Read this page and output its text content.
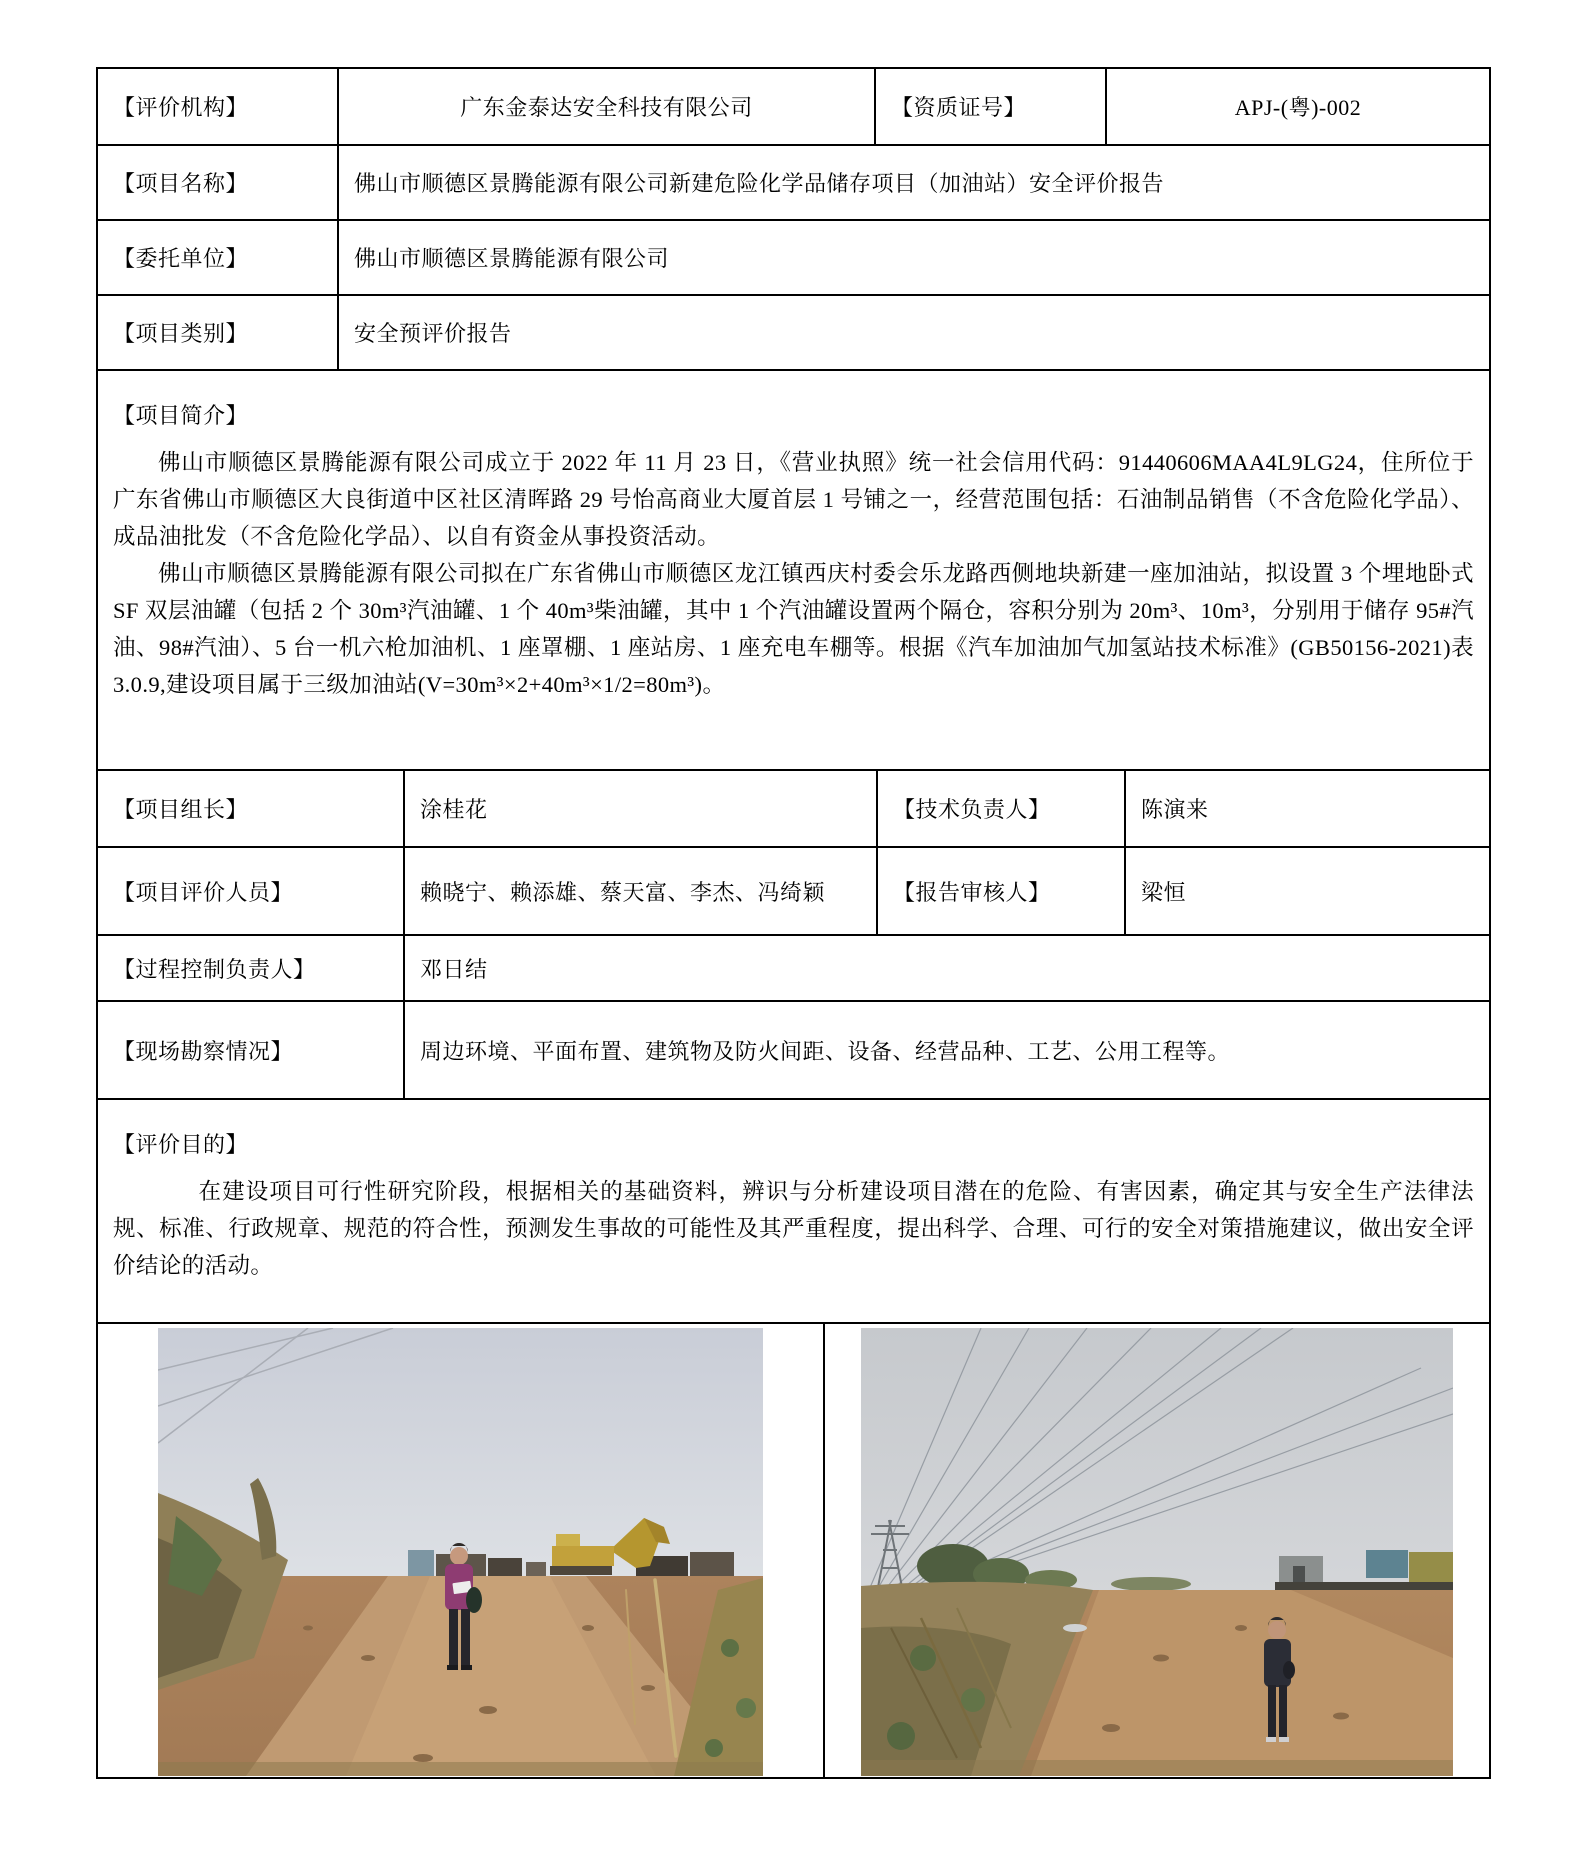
【评价机构】	广东金泰达安全科技有限公司	【资质证号】	APJ-(粤)-002
【项目名称】	佛山市顺德区景腾能源有限公司新建危险化学品储存项目（加油站）安全评价报告
【委托单位】	佛山市顺德区景腾能源有限公司
【项目类别】	安全预评价报告
【项目简介】

佛山市顺德区景腾能源有限公司成立于 2022 年 11 月 23 日，《营业执照》统一社会信用代码：91440606MAA4L9LG24，住所位于广东省佛山市顺德区大良街道中区社区清晖路 29 号怡高商业大厦首层 1 号铺之一，经营范围包括：石油制品销售（不含危险化学品）、成品油批发（不含危险化学品）、以自有资金从事投资活动。

佛山市顺德区景腾能源有限公司拟在广东省佛山市顺德区龙江镇西庆村委会乐龙路西侧地块新建一座加油站，拟设置 3 个埋地卧式 SF 双层油罐（包括 2 个 30m³汽油罐、1 个 40m³柴油罐，其中 1 个汽油罐设置两个隔仓，容积分别为 20m³、10m³，分别用于储存 95#汽油、98#汽油）、5 台一机六枪加油机、1 座罩棚、1 座站房、1 座充电车棚等。根据《汽车加油加气加氢站技术标准》(GB50156-2021)表 3.0.9,建设项目属于三级加油站(V=30m³×2+40m³×1/2=80m³)。

【项目组长】	涂桂花	【技术负责人】	陈演来
【项目评价人员】	赖晓宁、赖添雄、蔡天富、李杰、冯绮颖	【报告审核人】	梁恒
【过程控制负责人】	邓日结
【现场勘察情况】	周边环境、平面布置、建筑物及防火间距、设备、经营品种、工艺、公用工程等。
【评价目的】

在建设项目可行性研究阶段，根据相关的基础资料，辨识与分析建设项目潜在的危险、有害因素，确定其与安全生产法律法规、标准、行政规章、规范的符合性，预测发生事故的可能性及其严重程度，提出科学、合理、可行的安全对策措施建议，做出安全评价结论的活动。
